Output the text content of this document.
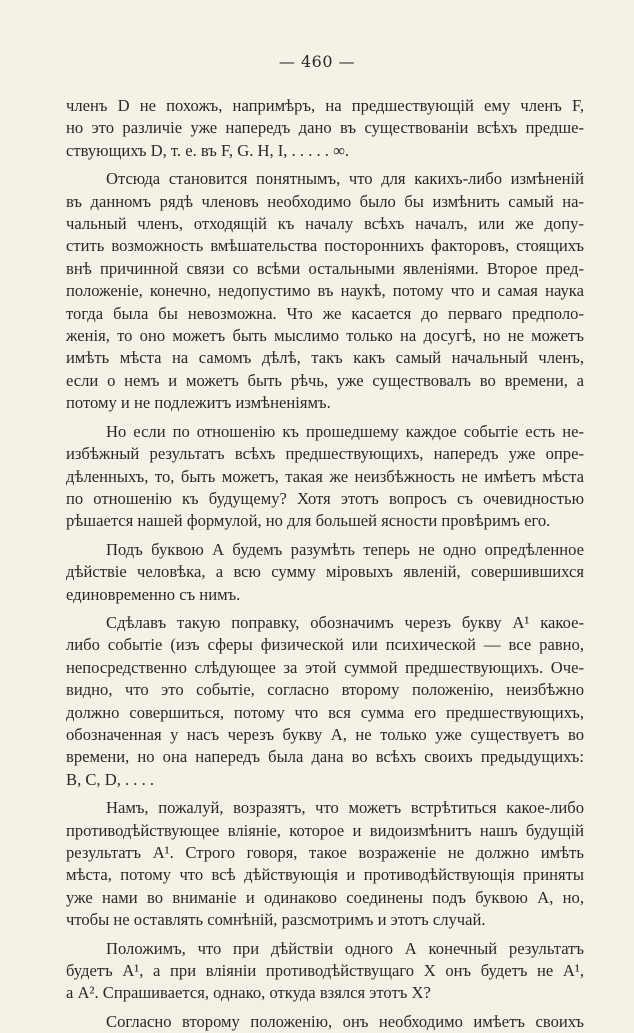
— 460 —
членъ D не похожъ, напримѣръ, на предшествующiй ему членъ F,
но это различiе уже напередъ дано въ существованiи всѣхъ предше-
ствующихъ D, т. е. въ F, G. H, I, . . . . . ∞.
Отсюда становится понятнымъ, что для какихъ-либо измѣненiй
въ данномъ рядѣ членовъ необходимо было бы измѣнить самый на-
чальный членъ, отходящiй къ началу всѣхъ началъ, или же допу-
стить возможность вмѣшательства постороннихъ факторовъ, стоящихъ
внѣ причинной связи со всѣми остальными явленiями. Второе пред-
положенiе, конечно, недопустимо въ наукѣ, потому что и самая наука
тогда была бы невозможна. Что же касается до перваго предполо-
женiя, то оно можетъ быть мыслимо только на досугѣ, но не можетъ
имѣть мѣста на самомъ дѣлѣ, такъ какъ самый начальный членъ,
если о немъ и можетъ быть рѣчь, уже существовалъ во времени, а
потому и не подлежитъ измѣненiямъ.
Но если по отношенiю къ прошедшему каждое событiе есть не-
избѣжный результатъ всѣхъ предшествующихъ, напередъ уже опре-
дѣленныхъ, то, быть можетъ, такая же неизбѣжность не имѣетъ мѣста
по отношенiю къ будущему? Хотя этотъ вопросъ съ очевидностью
рѣшается нашей формулой, но для большей ясности провѣримъ его.
Подъ буквою А будемъ разумѣть теперь не одно опредѣленное
дѣйствiе человѣка, а всю сумму мiровыхъ явленiй, совершившихся
единовременно съ нимъ.
Сдѣлавъ такую поправку, обозначимъ черезъ букву А¹ какое-
либо событiе (изъ сферы физической или психической — все равно,
непосредственно слѣдующее за этой суммой предшествующихъ. Оче-
видно, что это событiе, согласно второму положенiю, неизбѣжно
должно совершиться, потому что вся сумма его предшествующихъ,
обозначенная у насъ черезъ букву А, не только уже существуетъ во
времени, но она напередъ была дана во всѣхъ своихъ предыдущихъ:
В, С, D, . . . .
Намъ, пожалуй, возразятъ, что можетъ встрѣтиться какое-либо
противодѣйствующее влiянiе, которое и видоизмѣнитъ нашъ будущiй
результатъ А¹. Строго говоря, такое возраженiе не должно имѣть
мѣста, потому что всѣ дѣйствующiя и противодѣйствующiя приняты
уже нами во вниманiе и одинаково соединены подъ буквою А, но,
чтобы не оставлять сомнѣнiй, разсмотримъ и этотъ случай.
Положимъ, что при дѣйствiи одного А конечный результатъ
будетъ А¹, а при влiянiи противодѣйствущаго Х онъ будетъ не А¹,
а А². Спрашивается, однако, откуда взялся этотъ Х?
Согласно второму положенiю, онъ необходимо имѣетъ своихъ
